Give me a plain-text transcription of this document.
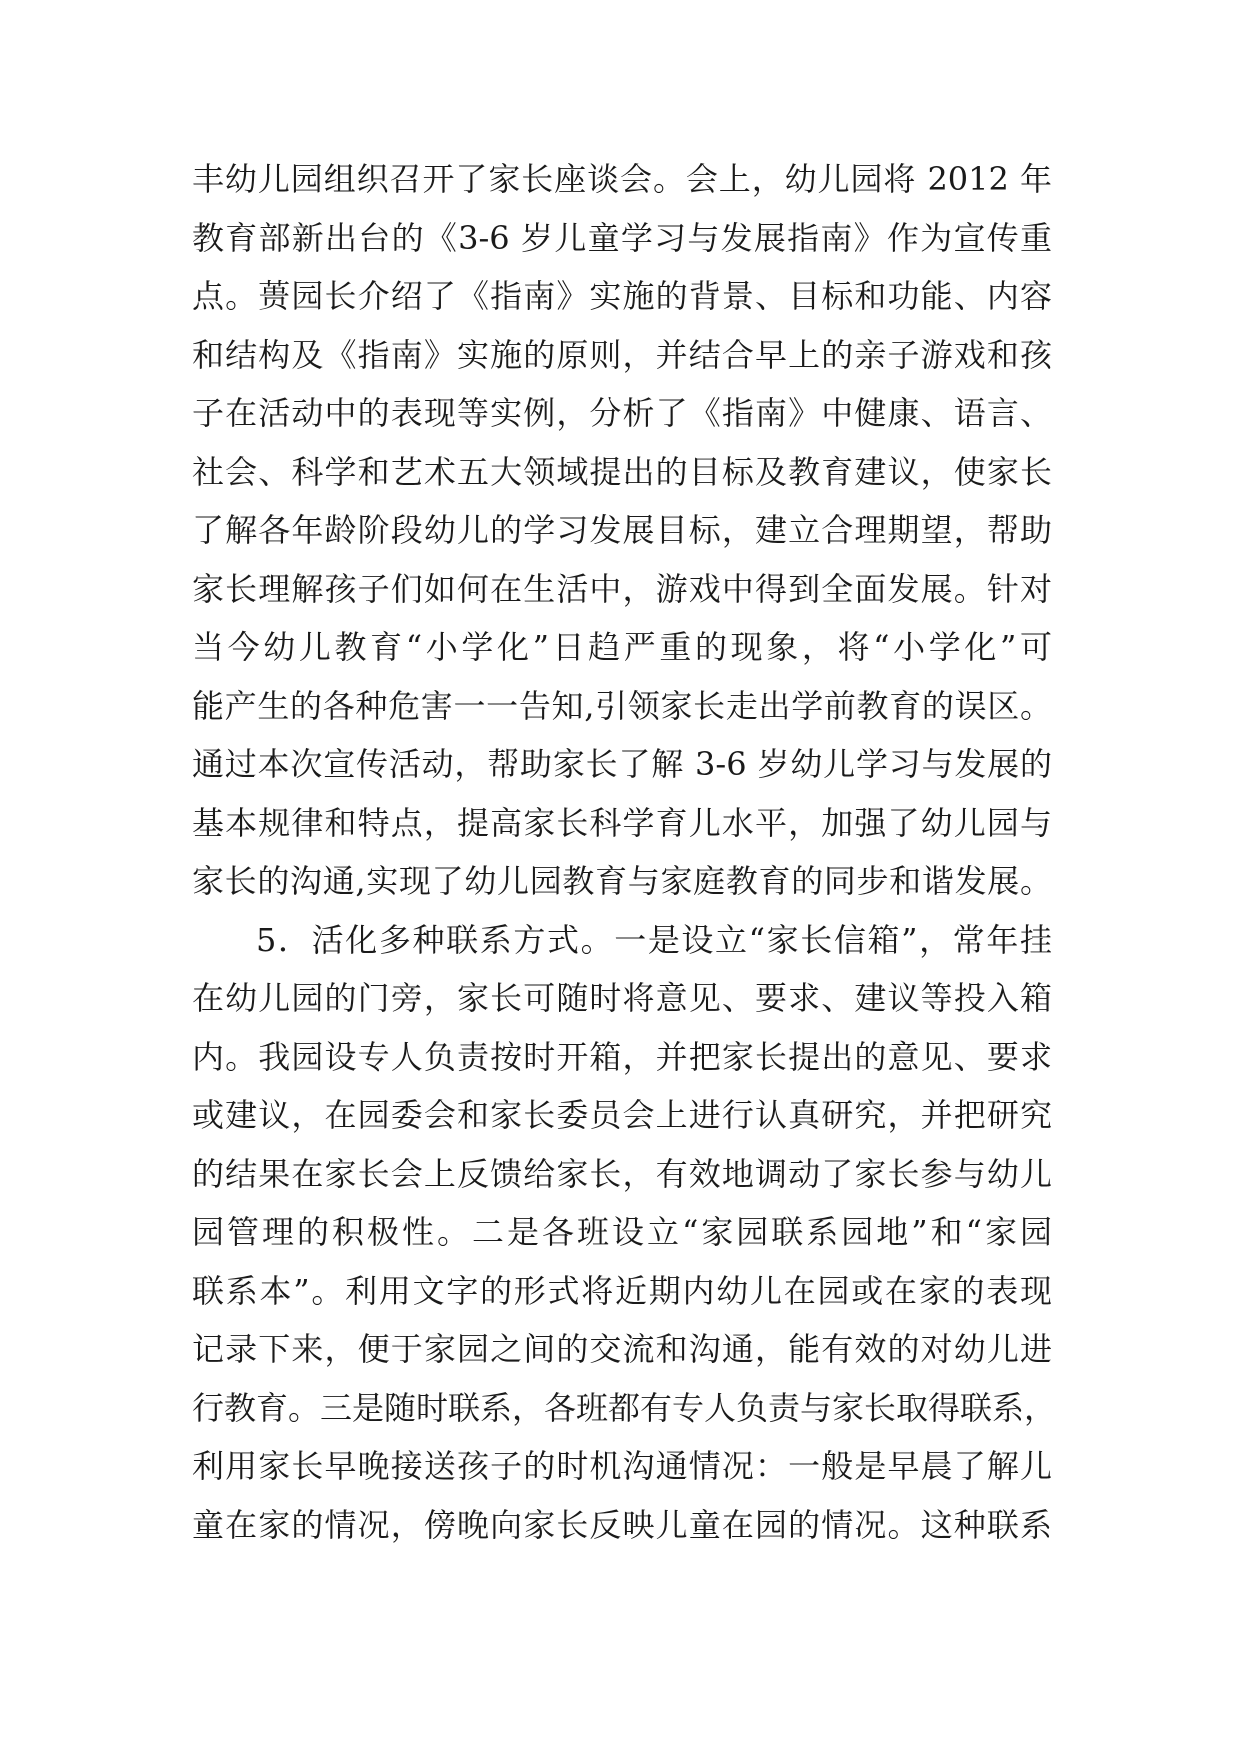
丰幼儿园组织召开了家长座谈会。会上，幼儿园将 2012 年
教育部新出台的《3-6 岁儿童学习与发展指南》作为宣传重
点。蒉园长介绍了《指南》实施的背景、目标和功能、内容
和结构及《指南》实施的原则，并结合早上的亲子游戏和孩
子在活动中的表现等实例，分析了《指南》中健康、语言、
社会、科学和艺术五大领域提出的目标及教育建议，使家长
了解各年龄阶段幼儿的学习发展目标，建立合理期望，帮助
家长理解孩子们如何在生活中，游戏中得到全面发展。针对
当今幼儿教育“小学化”日趋严重的现象，将“小学化”可
能产生的各种危害一一告知,引领家长走出学前教育的误区。
通过本次宣传活动，帮助家长了解 3-6 岁幼儿学习与发展的
基本规律和特点，提高家长科学育儿水平，加强了幼儿园与
家长的沟通,实现了幼儿园教育与家庭教育的同步和谐发展。
5．活化多种联系方式。一是设立“家长信箱”，常年挂
在幼儿园的门旁，家长可随时将意见、要求、建议等投入箱
内。我园设专人负责按时开箱，并把家长提出的意见、要求
或建议，在园委会和家长委员会上进行认真研究，并把研究
的结果在家长会上反馈给家长，有效地调动了家长参与幼儿
园管理的积极性。二是各班设立“家园联系园地”和“家园
联系本”。利用文字的形式将近期内幼儿在园或在家的表现
记录下来，便于家园之间的交流和沟通，能有效的对幼儿进
行教育。三是随时联系，各班都有专人负责与家长取得联系，
利用家长早晚接送孩子的时机沟通情况：一般是早晨了解儿
童在家的情况，傍晚向家长反映儿童在园的情况。这种联系
